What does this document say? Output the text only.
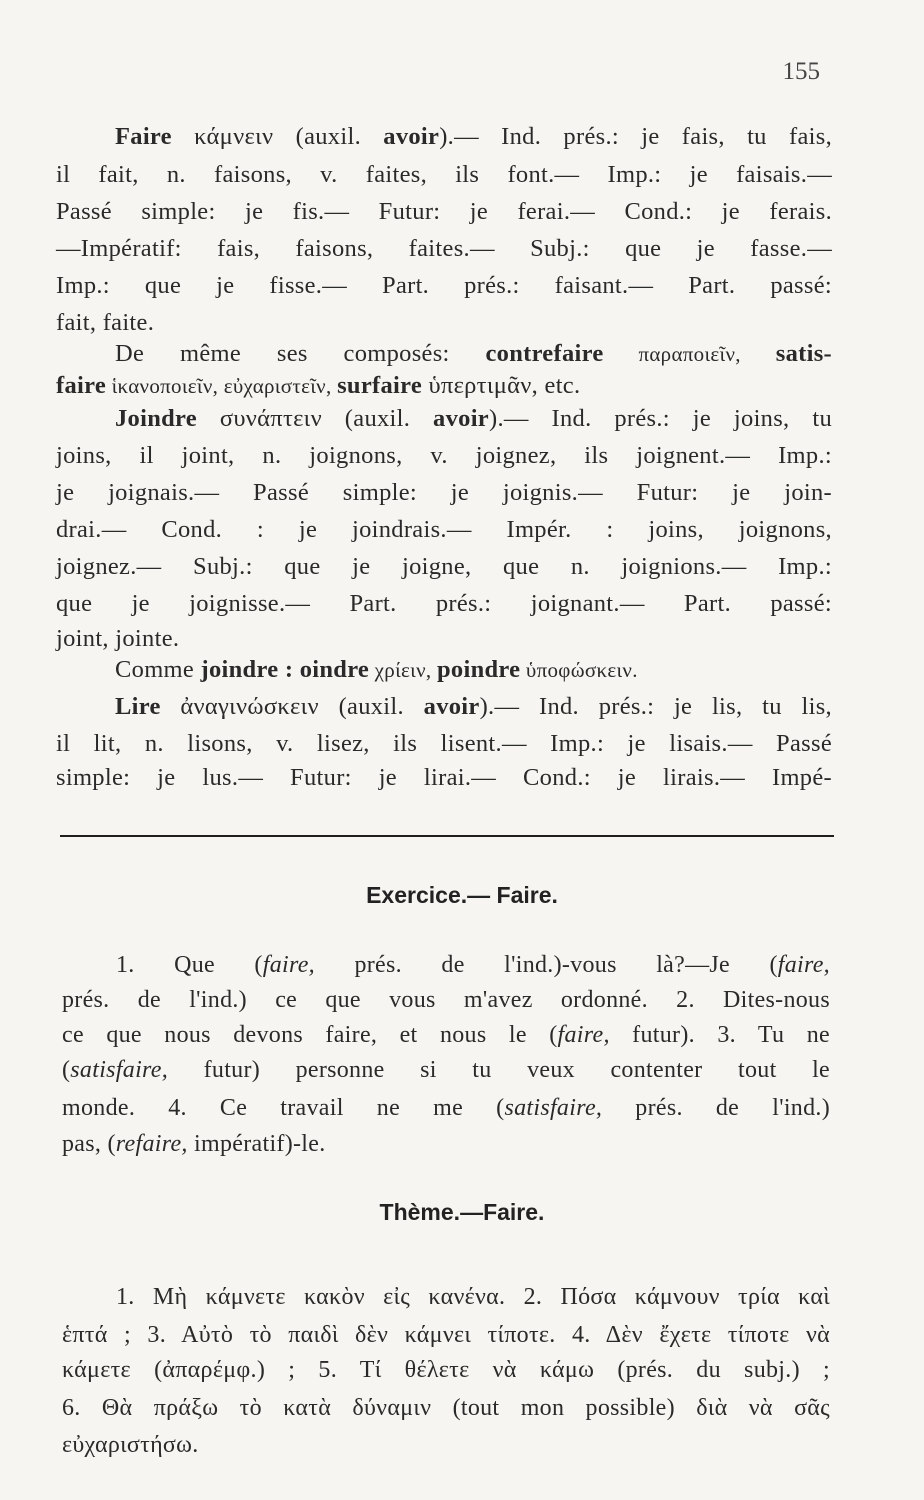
155
Faire κάμνειν (auxil. avoir).— Ind. prés.: je fais, tu fais,
il fait, n. faisons, v. faites, ils font.— Imp.: je faisais.—
Passé simple: je fis.— Futur: je ferai.— Cond.: je ferais.
—Impératif: fais, faisons, faites.— Subj.: que je fasse.—
Imp.: que je fisse.— Part. prés.: faisant.— Part. passé:
fait, faite.
De même ses composés: contrefaire παραποιεῖν, satis-
faire ἱκανοποιεῖν, εὐχαριστεῖν, surfaire ὑπερτιμᾶν, etc.
Joindre συνάπτειν (auxil. avoir).— Ind. prés.: je joins, tu
joins, il joint, n. joignons, v. joignez, ils joignent.— Imp.:
je joignais.— Passé simple: je joignis.— Futur: je join-
drai.— Cond. : je joindrais.— Impér. : joins, joignons,
joignez.— Subj.: que je joigne, que n. joignions.— Imp.:
que je joignisse.— Part. prés.: joignant.— Part. passé:
joint, jointe.
Comme joindre : oindre χρίειν, poindre ὑποφώσκειν.
Lire ἀναγινώσκειν (auxil. avoir).— Ind. prés.: je lis, tu lis,
il lit, n. lisons, v. lisez, ils lisent.— Imp.: je lisais.— Passé
simple: je lus.— Futur: je lirai.— Cond.: je lirais.— Impé-
Exercice.— Faire.
1. Que (faire, prés. de l'ind.)-vous là?—Je (faire,
prés. de l'ind.) ce que vous m'avez ordonné. 2. Dites-nous
ce que nous devons faire, et nous le (faire, futur). 3. Tu ne
(satisfaire, futur) personne si tu veux contenter tout le
monde. 4. Ce travail ne me (satisfaire, prés. de l'ind.)
pas, (refaire, impératif)-le.
Thème.—Faire.
1. Μὴ κάμνετε κακὸν εἰς κανένα. 2. Πόσα κάμνουν τρία καὶ
ἑπτά ; 3. Αὐτὸ τὸ παιδὶ δὲν κάμνει τίποτε. 4. Δὲν ἔχετε τίποτε νὰ
κάμετε (ἀπαρέμφ.) ; 5. Τί θέλετε νὰ κάμω (prés. du subj.) ;
6. Θὰ πράξω τὸ κατὰ δύναμιν (tout mon possible) διὰ νὰ σᾶς
εὐχαριστήσω.
